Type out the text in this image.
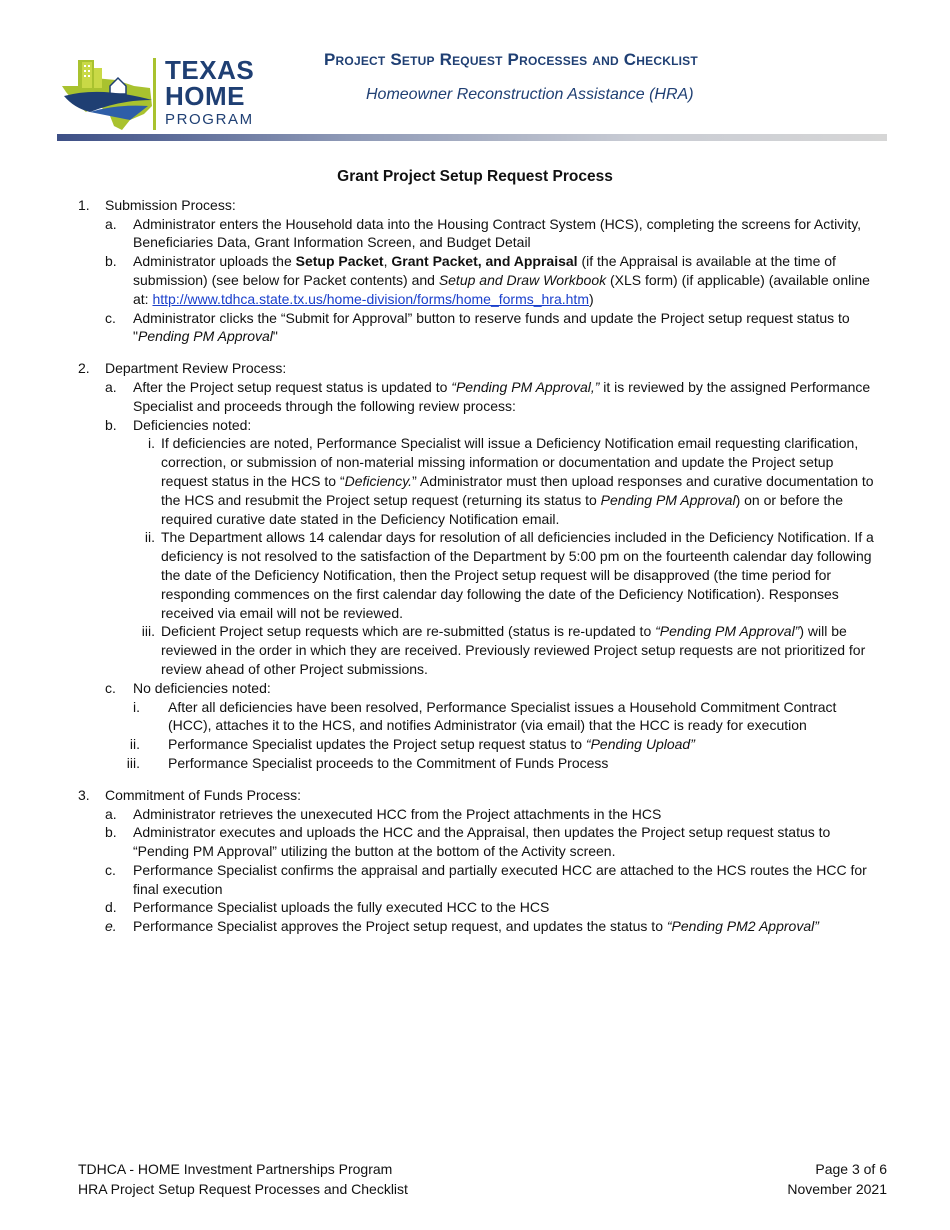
TEXAS
HOME
PROGRAM
Project Setup Request Processes and Checklist
Homeowner Reconstruction Assistance (HRA)
Grant Project Setup Request Process
1. Submission Process:
a. Administrator enters the Household data into the Housing Contract System (HCS), completing the screens for Activity, Beneficiaries Data, Grant Information Screen, and Budget Detail
b. Administrator uploads the Setup Packet, Grant Packet, and Appraisal (if the Appraisal is available at the time of submission) (see below for Packet contents) and Setup and Draw Workbook (XLS form) (if applicable) (available online at: http://www.tdhca.state.tx.us/home-division/forms/home_forms_hra.htm)
c. Administrator clicks the “Submit for Approval” button to reserve funds and update the Project setup request status to "Pending PM Approval"
2. Department Review Process:
a. After the Project setup request status is updated to “Pending PM Approval,” it is reviewed by the assigned Performance Specialist and proceeds through the following review process:
b. Deficiencies noted:
i. If deficiencies are noted, Performance Specialist will issue a Deficiency Notification email requesting clarification, correction, or submission of non-material missing information or documentation and update the Project setup request status in the HCS to “Deficiency.” Administrator must then upload responses and curative documentation to the HCS and resubmit the Project setup request (returning its status to Pending PM Approval) on or before the required curative date stated in the Deficiency Notification email.
ii. The Department allows 14 calendar days for resolution of all deficiencies included in the Deficiency Notification. If a deficiency is not resolved to the satisfaction of the Department by 5:00 pm on the fourteenth calendar day following the date of the Deficiency Notification, then the Project setup request will be disapproved (the time period for responding commences on the first calendar day following the date of the Deficiency Notification). Responses received via email will not be reviewed.
iii. Deficient Project setup requests which are re-submitted (status is re-updated to “Pending PM Approval”) will be reviewed in the order in which they are received. Previously reviewed Project setup requests are not prioritized for review ahead of other Project submissions.
c. No deficiencies noted:
i. After all deficiencies have been resolved, Performance Specialist issues a Household Commitment Contract (HCC), attaches it to the HCS, and notifies Administrator (via email) that the HCC is ready for execution
ii. Performance Specialist updates the Project setup request status to “Pending Upload”
iii. Performance Specialist proceeds to the Commitment of Funds Process
3. Commitment of Funds Process:
a. Administrator retrieves the unexecuted HCC from the Project attachments in the HCS
b. Administrator executes and uploads the HCC and the Appraisal, then updates the Project setup request status to “Pending PM Approval” utilizing the button at the bottom of the Activity screen.
c. Performance Specialist confirms the appraisal and partially executed HCC are attached to the HCS routes the HCC for final execution
d. Performance Specialist uploads the fully executed HCC to the HCS
e. Performance Specialist approves the Project setup request, and updates the status to “Pending PM2 Approval”
TDHCA - HOME Investment Partnerships Program
HRA Project Setup Request Processes and Checklist
Page 3 of 6
November 2021
